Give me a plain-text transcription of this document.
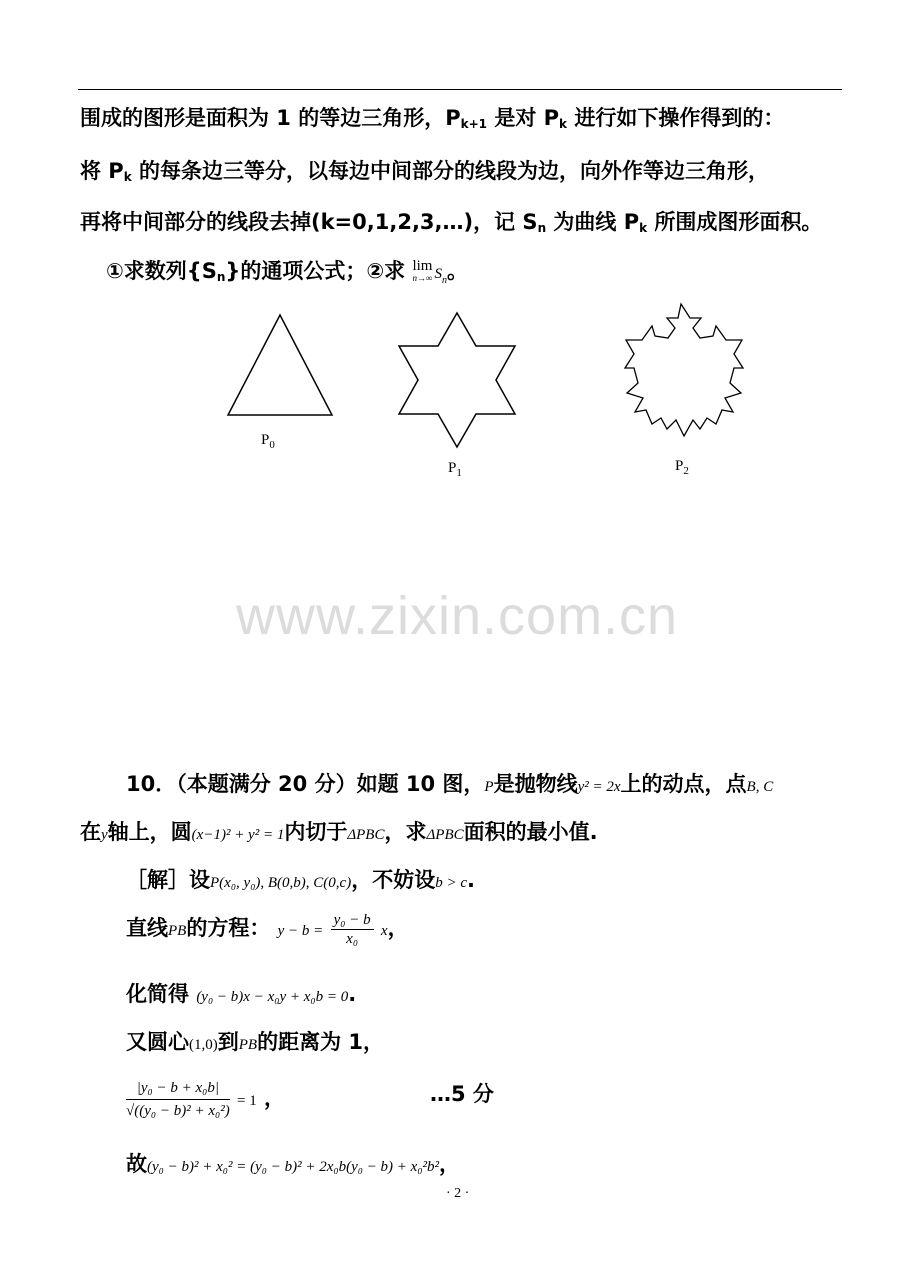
围成的图形是面积为 1 的等边三角形，$P_{k+1}$ 是对 $P_k$ 进行如下操作得到的：
将 $P_k$ 的每条边三等分，以每边中间部分的线段为边，向外作等边三角形，
再将中间部分的线段去掉(k=0,1,2,3,…)，记 $S_n$ 为曲线 $P_k$ 所围成图形面积。
①求数列$\{S_n\}$的通项公式；②求 lim
n→∞ $S_n$。
$P_0$
$P_1$	$P_2$
www.zixin.com.cn
10．（本题满分 20 分）如题 10 图，P是抛物线y² = 2x上的动点，点B, C
在y轴上，圆(x−1)² + y² = 1内切于ΔPBC，求ΔPBC面积的最小值.
［解］设P(x₀, y₀), B(0,b), C(0,c)，不妨设b > c.
直线PB的方程： $y - b = \frac{\text{y₀ − b}}{\text{x₀}}$ x，
化简得 (y₀ − b)x − x₀y + x₀b = 0.
又圆心(1,0)到PB的距离为 1，
$\frac{\text{|y₀ − b + x₀b|}}{\text{√((y₀ − b)² + x₀²)}} = 1$ ，	…5 分
故(y₀ − b)² + x₀² = (y₀ − b)² + 2x₀b(y₀ − b) + x₀²b²，
· 2 ·
